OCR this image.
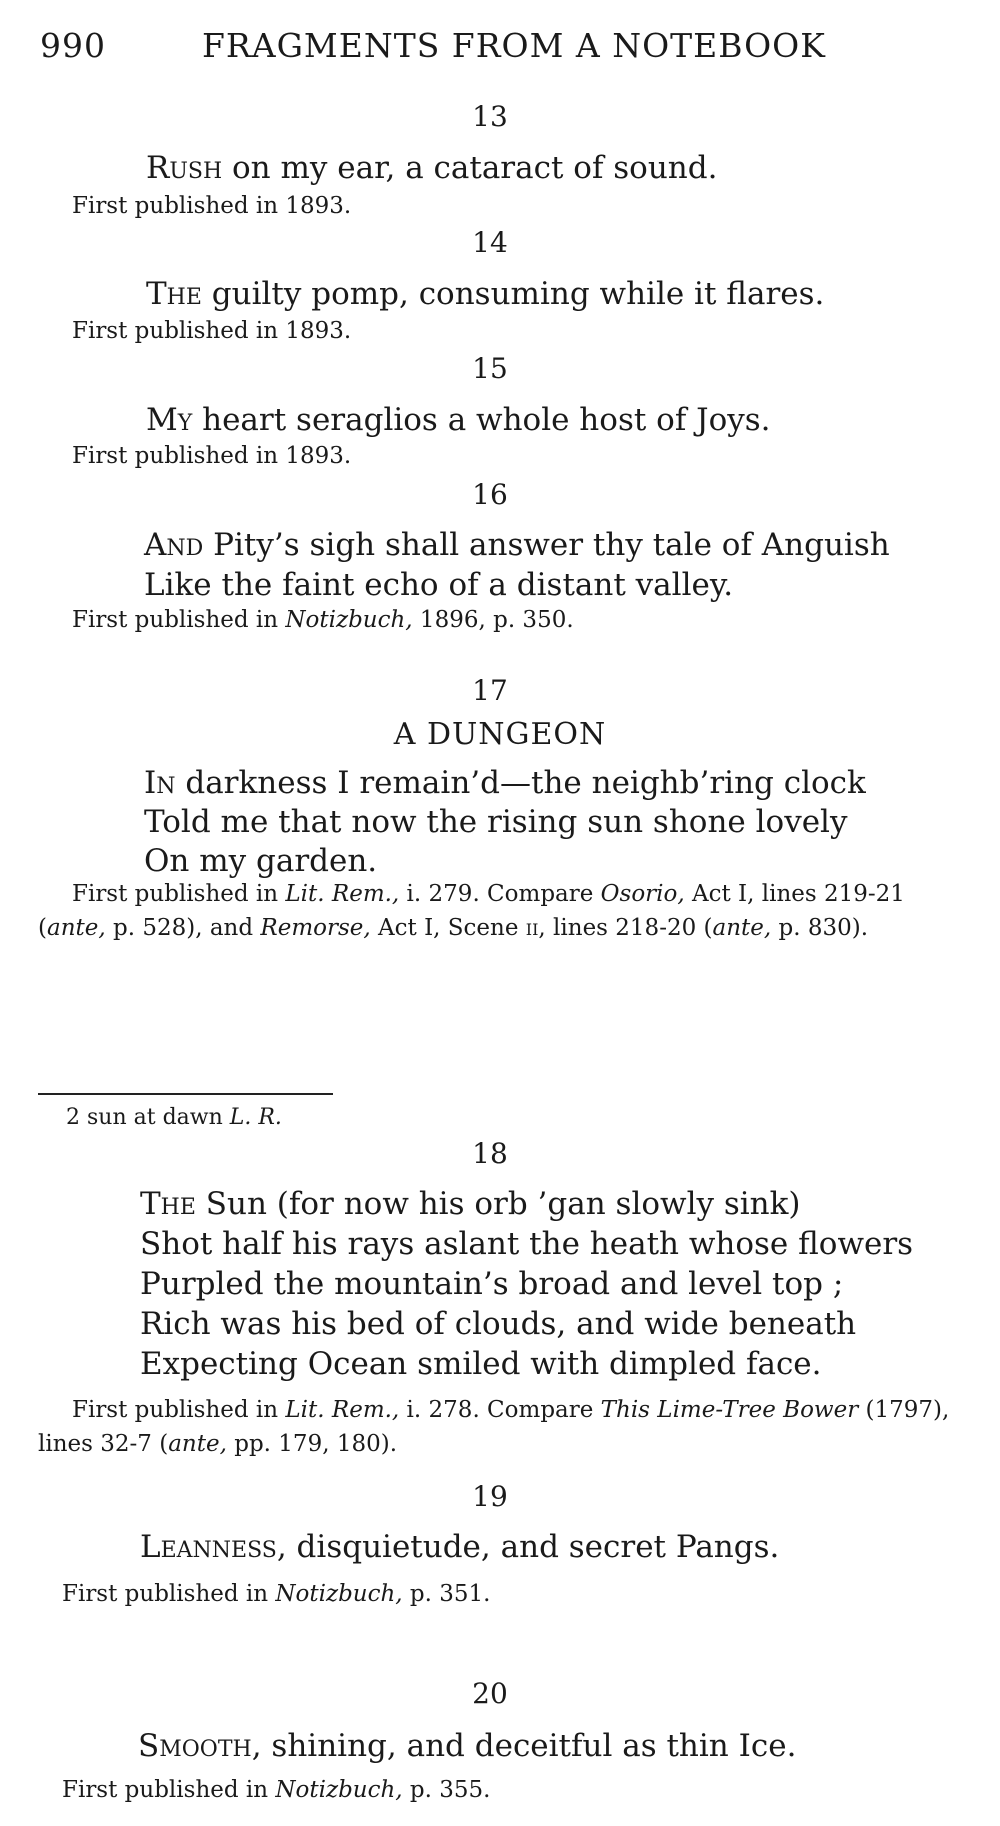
990	FRAGMENTS FROM A NOTEBOOK
13
Rush on my ear, a cataract of sound.
First published in 1893.
14
The guilty pomp, consuming while it flares.
First published in 1893.
15
My heart seraglios a whole host of Joys.
First published in 1893.
16
And Pity’s sigh shall answer thy tale of Anguish
Like the faint echo of a distant valley.
First published in Notizbuch, 1896, p. 350.
17
A DUNGEON
In darkness I remain’d—the neighb’ring clock
Told me that now the rising sun shone lovely
On my garden.
First published in Lit. Rem., i. 279. Compare Osorio, Act I, lines 219-21
(ante, p. 528), and Remorse, Act I, Scene ii, lines 218-20 (ante, p. 830).
2 sun at dawn L. R.
18
The Sun (for now his orb ’gan slowly sink)
Shot half his rays aslant the heath whose flowers
Purpled the mountain’s broad and level top ;
Rich was his bed of clouds, and wide beneath
Expecting Ocean smiled with dimpled face.
First published in Lit. Rem., i. 278. Compare This Lime-Tree Bower (1797),
lines 32-7 (ante, pp. 179, 180).
19
Leanness, disquietude, and secret Pangs.
First published in Notizbuch, p. 351.
20
Smooth, shining, and deceitful as thin Ice.
First published in Notizbuch, p. 355.
